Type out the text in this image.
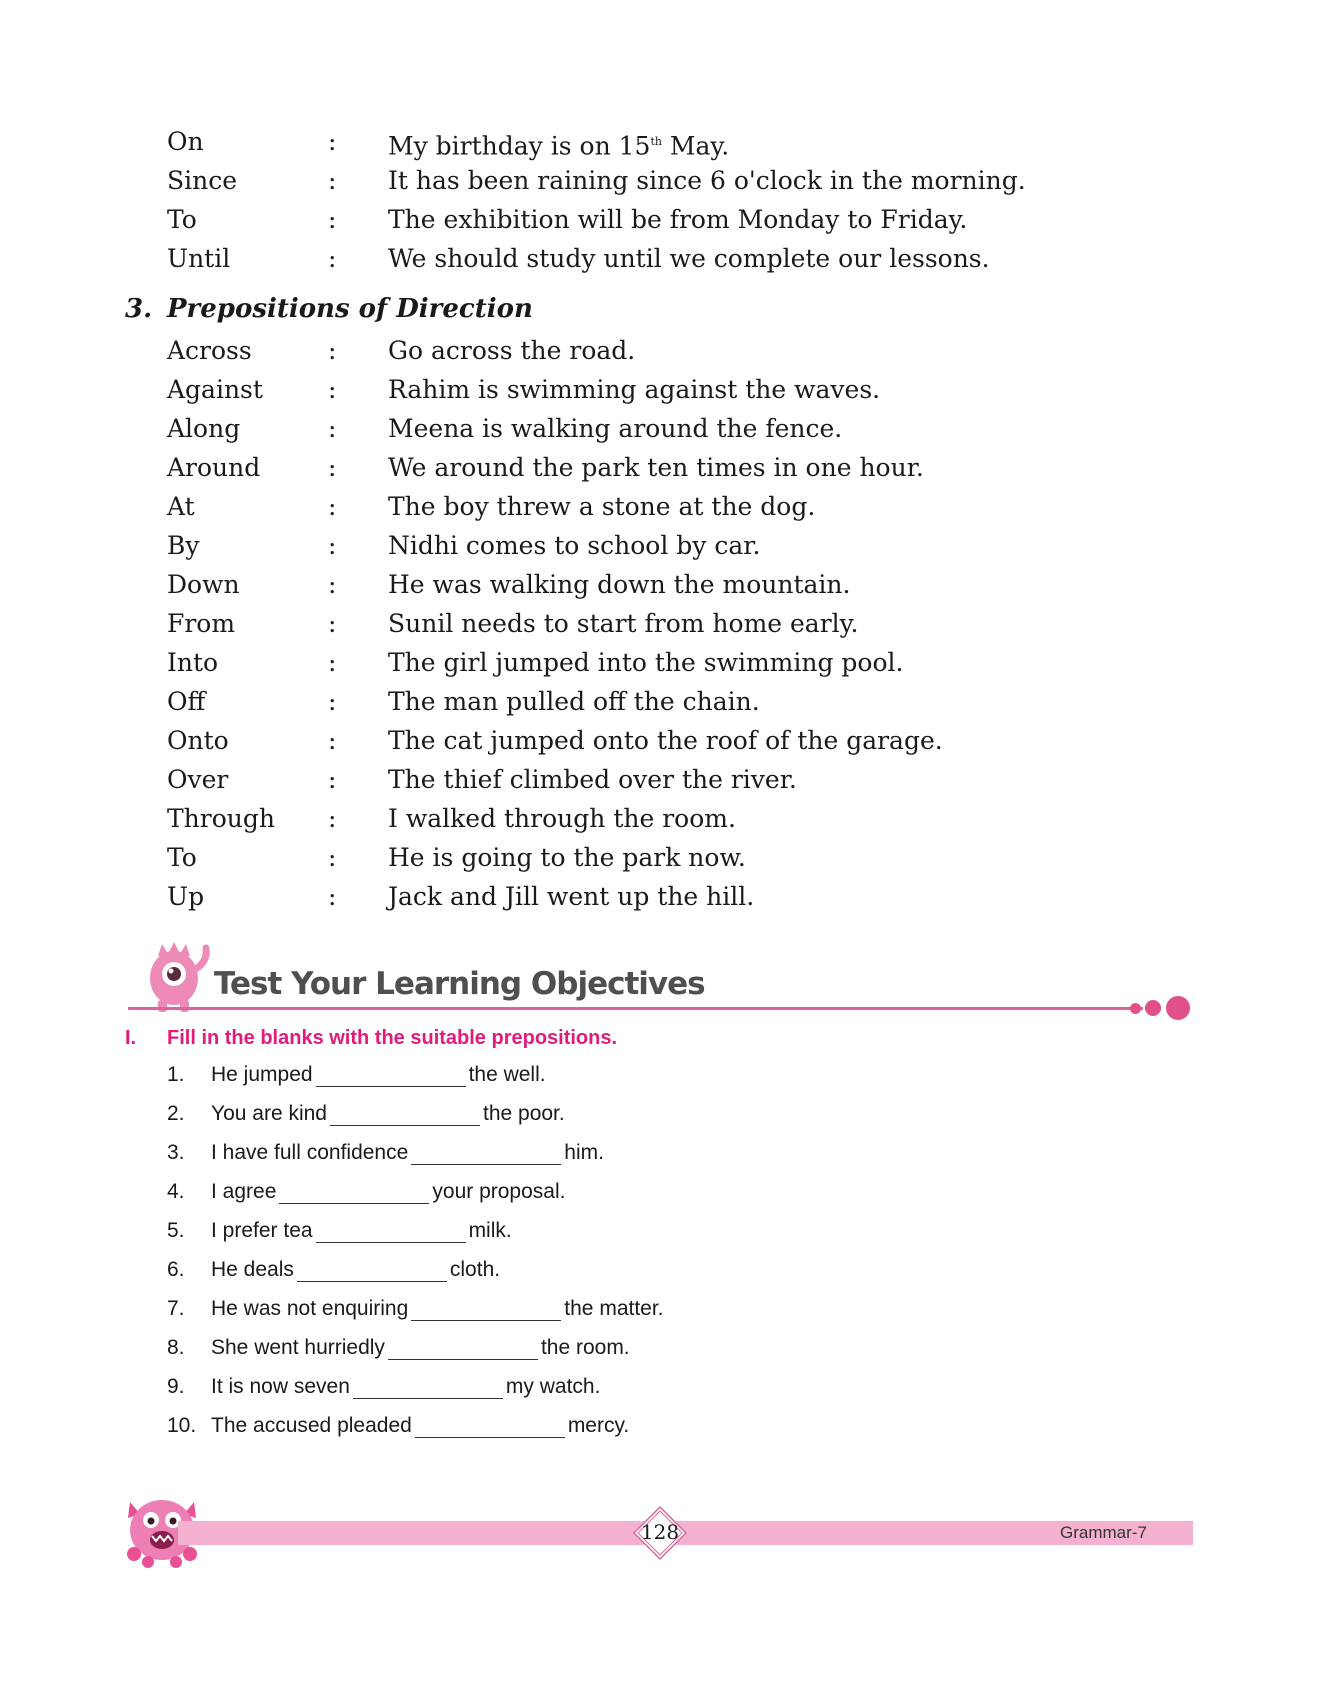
On	: My birthday is on 15th May.
Since	: It has been raining since 6 o'clock in the morning.
To	: The exhibition will be from Monday to Friday.
Until	: We should study until we complete our lessons.
3. Prepositions of Direction
Across	: Go across the road.
Against	: Rahim is swimming against the waves.
Along	: Meena is walking around the fence.
Around	: We around the park ten times in one hour.
At	: The boy threw a stone at the dog.
By	: Nidhi comes to school by car.
Down	: He was walking down the mountain.
From	: Sunil needs to start from home early.
Into	: The girl jumped into the swimming pool.
Off	: The man pulled off the chain.
Onto	: The cat jumped onto the roof of the garage.
Over	: The thief climbed over the river.
Through : I walked through the room.
To	: He is going to the park now.
Up	: Jack and Jill went up the hill.
Test Your Learning Objectives
I. Fill in the blanks with the suitable prepositions.
1. He jumped	the well.
2. You are kind	the poor.
3. I have full confidence	him.
4. I agree	your proposal.
5. I prefer tea	milk.
6. He deals	cloth.
7. He was not enquiring	the matter.
8. She went hurriedly	the room.
9. It is now seven	my watch.
10. The accused pleaded	mercy.
128	Grammar-7
